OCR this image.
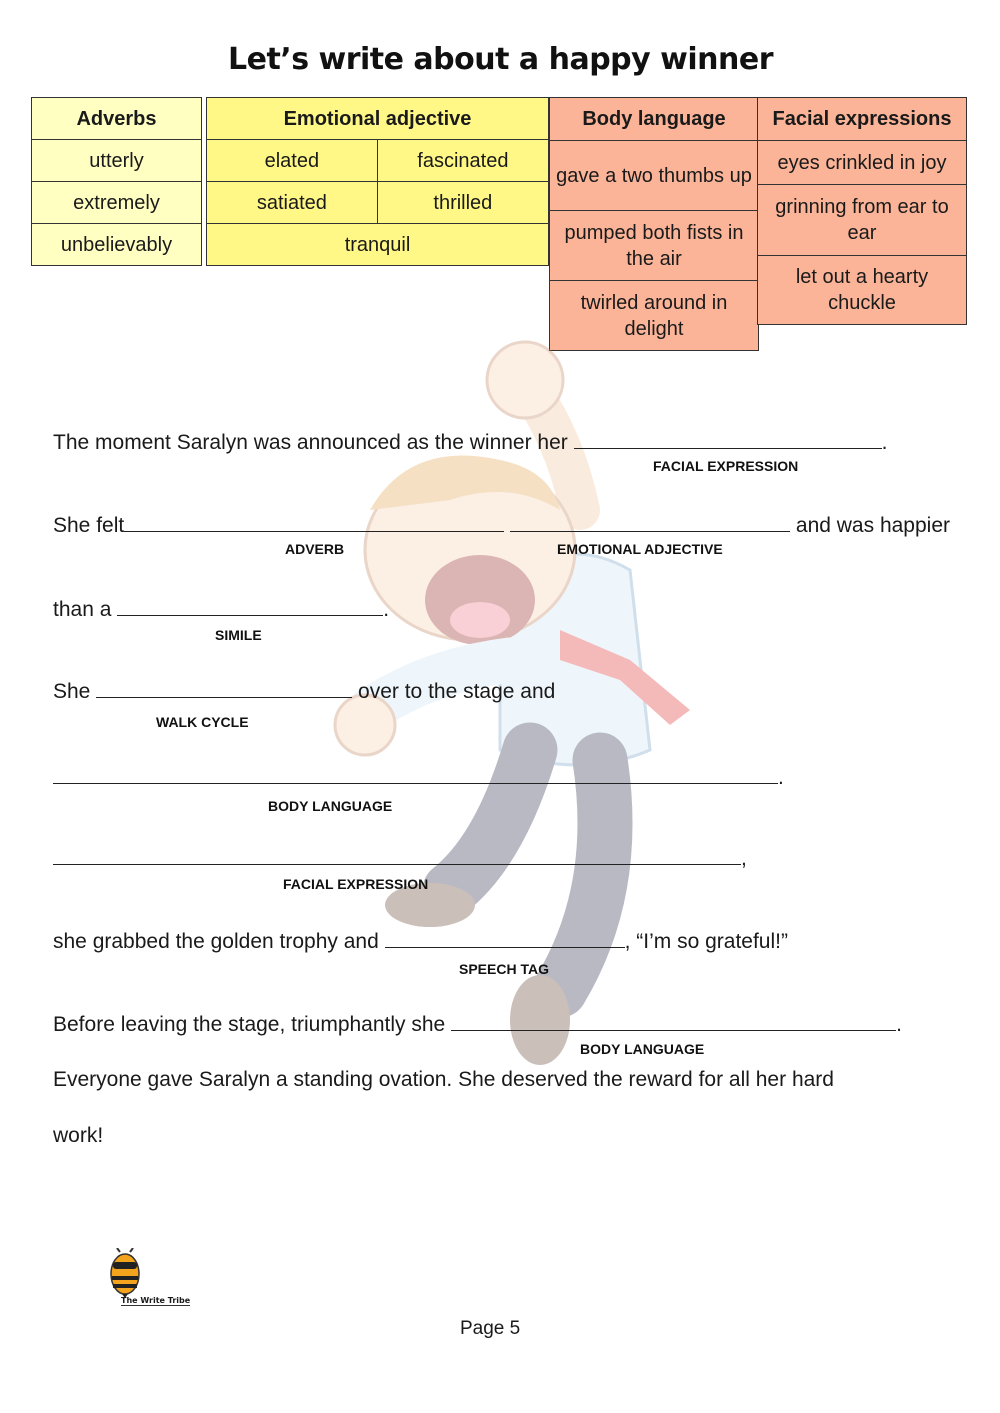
Let’s write about a happy winner
Adverbs
utterly
extremely
unbelievably
Emotional adjective	
elated	fascinated
satiated	thrilled
tranquil	
Body language
gave a two thumbs up
pumped both fists in the air
twirled around in delight
Facial expressions
eyes crinkled in joy
grinning from ear to ear
let out a hearty chuckle
The moment Saralyn was announced as the winner her	.
FACIAL EXPRESSION
She felt	and was happier
ADVERB	EMOTIONAL ADJECTIVE
than a	.
SIMILE
She	over to the stage and
WALK CYCLE
.
BODY LANGUAGE
,
FACIAL EXPRESSION
she grabbed the golden trophy and	, “I’m so grateful!”
SPEECH TAG
Before leaving the stage, triumphantly she	.
BODY LANGUAGE
Everyone gave Saralyn a standing ovation. She deserved the reward for all her hard
work!
The Write Tribe
Page 5
